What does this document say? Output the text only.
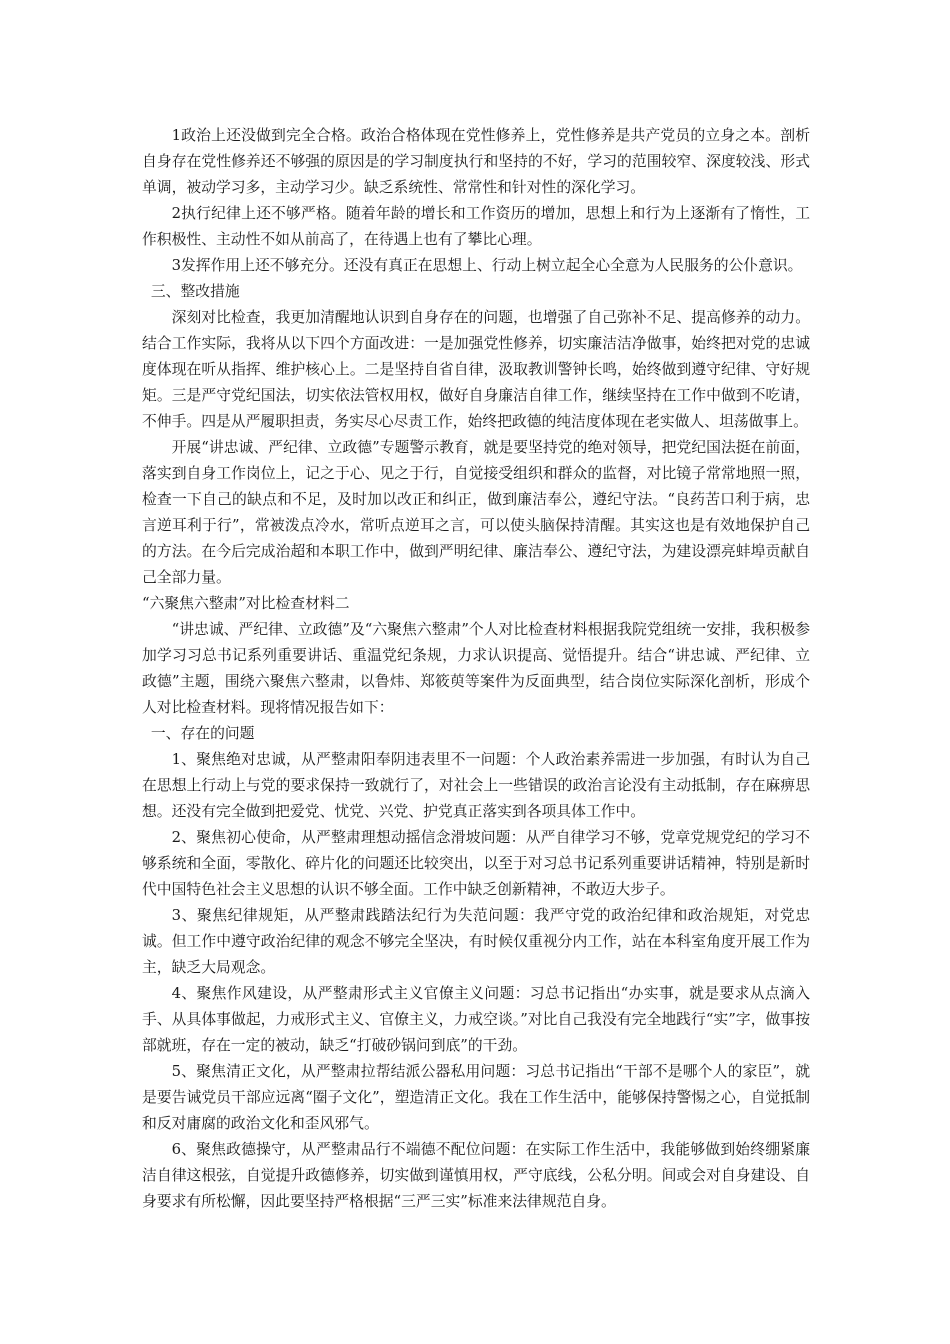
1政治上还没做到完全合格。政治合格体现在党性修养上，党性修养是共产党员的立身之本。剖析自身存在党性修养还不够强的原因是的学习制度执行和坚持的不好，学习的范围较窄、深度较浅、形式单调，被动学习多，主动学习少。缺乏系统性、常常性和针对性的深化学习。

2执行纪律上还不够严格。随着年龄的增长和工作资历的增加，思想上和行为上逐渐有了惰性，工作积极性、主动性不如从前高了，在待遇上也有了攀比心理。

3发挥作用上还不够充分。还没有真正在思想上、行动上树立起全心全意为人民服务的公仆意识。

三、整改措施

深刻对比检查，我更加清醒地认识到自身存在的问题，也增强了自己弥补不足、提高修养的动力。结合工作实际，我将从以下四个方面改进：一是加强党性修养，切实廉洁洁净做事，始终把对党的忠诚度体现在听从指挥、维护核心上。二是坚持自省自律，汲取教训警钟长鸣，始终做到遵守纪律、守好规矩。三是严守党纪国法，切实依法管权用权，做好自身廉洁自律工作，继续坚持在工作中做到不吃请，不伸手。四是从严履职担责，务实尽心尽责工作，始终把政德的纯洁度体现在老实做人、坦荡做事上。

开展“讲忠诚、严纪律、立政德”专题警示教育，就是要坚持党的绝对领导，把党纪国法挺在前面，落实到自身工作岗位上，记之于心、见之于行，自觉接受组织和群众的监督，对比镜子常常地照一照，检查一下自己的缺点和不足，及时加以改正和纠正，做到廉洁奉公，遵纪守法。“良药苦口利于病，忠言逆耳利于行”，常被泼点冷水，常听点逆耳之言，可以使头脑保持清醒。其实这也是有效地保护自己的方法。在今后完成治超和本职工作中，做到严明纪律、廉洁奉公、遵纪守法，为建设漂亮蚌埠贡献自己全部力量。

“六聚焦六整肃”对比检查材料二

“讲忠诚、严纪律、立政德”及“六聚焦六整肃”个人对比检查材料根据我院党组统一安排，我积极参加学习习总书记系列重要讲话、重温党纪条规，力求认识提高、觉悟提升。结合“讲忠诚、严纪律、立政德”主题，围绕六聚焦六整肃，以鲁炜、郑筱萸等案件为反面典型，结合岗位实际深化剖析，形成个人对比检查材料。现将情况报告如下：

一、存在的问题

1、聚焦绝对忠诚，从严整肃阳奉阴违表里不一问题：个人政治素养需进一步加强，有时认为自己在思想上行动上与党的要求保持一致就行了，对社会上一些错误的政治言论没有主动抵制，存在麻痹思想。还没有完全做到把爱党、忧党、兴党、护党真正落实到各项具体工作中。

2、聚焦初心使命，从严整肃理想动摇信念滑坡问题：从严自律学习不够，党章党规党纪的学习不够系统和全面，零散化、碎片化的问题还比较突出，以至于对习总书记系列重要讲话精神，特别是新时代中国特色社会主义思想的认识不够全面。工作中缺乏创新精神，不敢迈大步子。

3、聚焦纪律规矩，从严整肃践踏法纪行为失范问题：我严守党的政治纪律和政治规矩，对党忠诚。但工作中遵守政治纪律的观念不够完全坚决，有时候仅重视分内工作，站在本科室角度开展工作为主，缺乏大局观念。

4、聚焦作风建设，从严整肃形式主义官僚主义问题：习总书记指出“办实事，就是要求从点滴入手、从具体事做起，力戒形式主义、官僚主义，力戒空谈。”对比自己我没有完全地践行“实”字，做事按部就班，存在一定的被动，缺乏“打破砂锅问到底”的干劲。

5、聚焦清正文化，从严整肃拉帮结派公器私用问题：习总书记指出“干部不是哪个人的家臣”，就是要告诫党员干部应远离“圈子文化”，塑造清正文化。我在工作生活中，能够保持警惕之心，自觉抵制和反对庸腐的政治文化和歪风邪气。

6、聚焦政德操守，从严整肃品行不端德不配位问题：在实际工作生活中，我能够做到始终绷紧廉洁自律这根弦，自觉提升政德修养，切实做到谨慎用权，严守底线，公私分明。间或会对自身建设、自身要求有所松懈，因此要坚持严格根据“三严三实”标准来法律规范自身。
